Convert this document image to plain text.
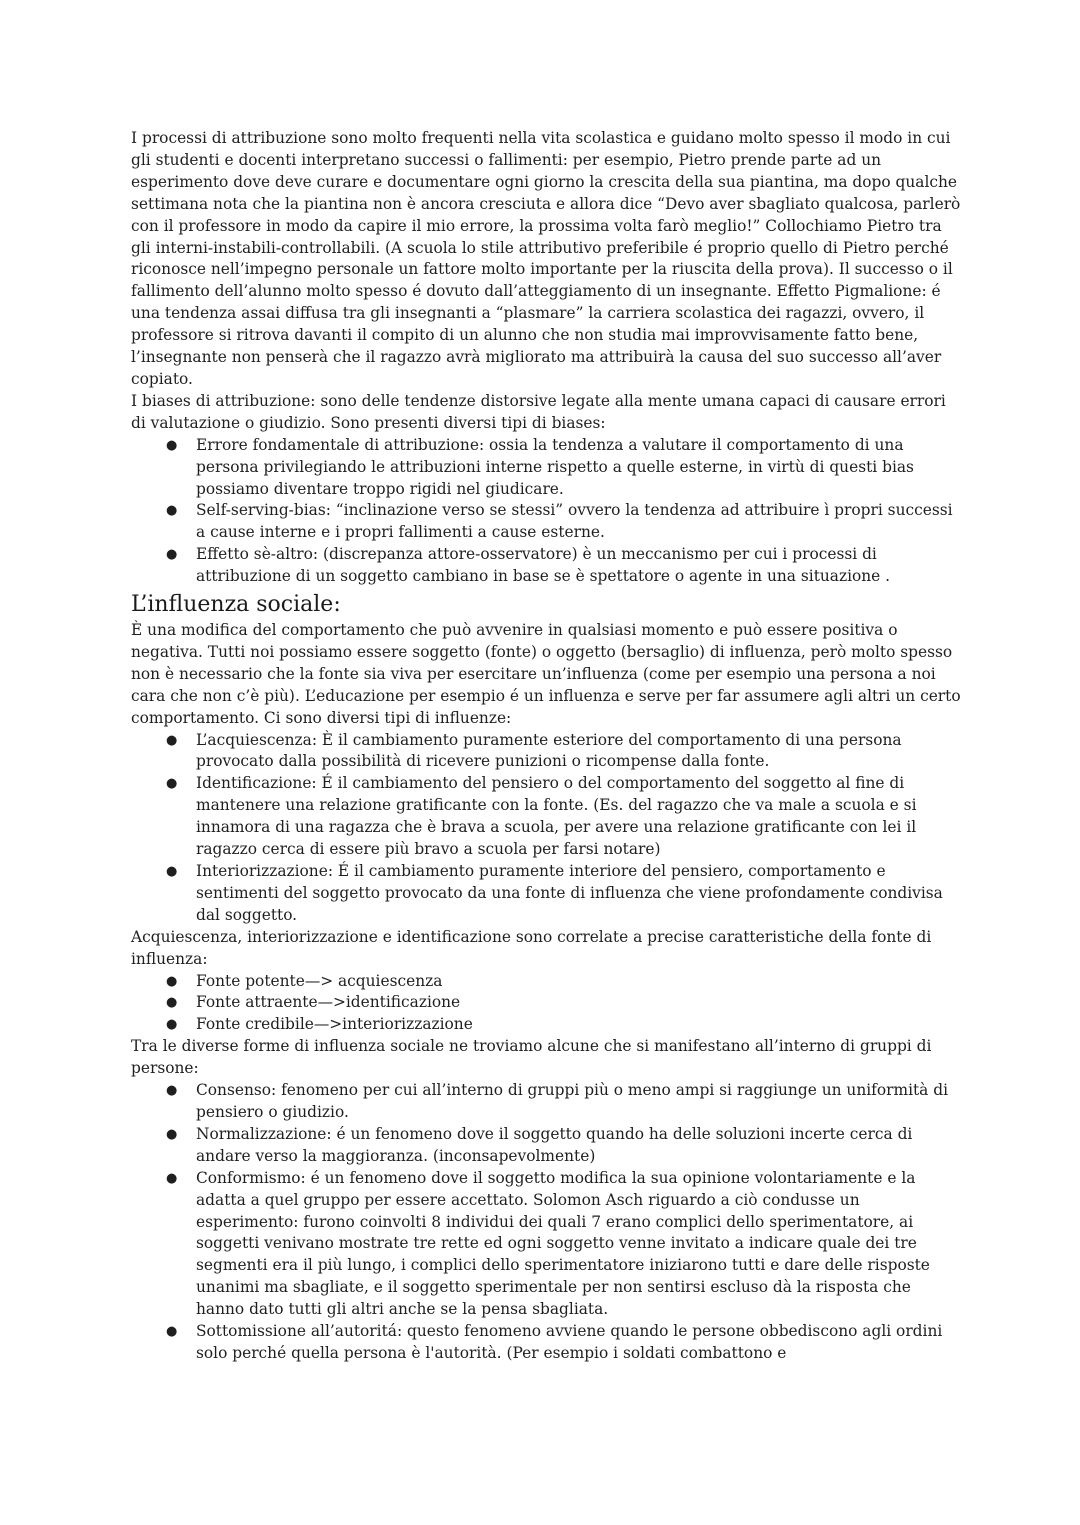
I processi di attribuzione sono molto frequenti nella vita scolastica e guidano molto spesso il modo in cui gli studenti e docenti interpretano successi o fallimenti: per esempio, Pietro prende parte ad un esperimento dove deve curare e documentare ogni giorno la crescita della sua piantina, ma dopo qualche settimana nota che la piantina non è ancora cresciuta e allora dice “Devo aver sbagliato qualcosa, parlerò con il professore in modo da capire il mio errore, la prossima volta farò meglio!” Collochiamo Pietro tra gli interni-instabili-controllabili. (A scuola lo stile attributivo preferibile é proprio quello di Pietro perché riconosce nell’impegno personale un fattore molto importante per la riuscita della prova). Il successo o il fallimento dell’alunno molto spesso é dovuto dall’atteggiamento di un insegnante. Effetto Pigmalione: é una tendenza assai diffusa tra gli insegnanti a “plasmare” la carriera scolastica dei ragazzi, ovvero, il professore si ritrova davanti il compito di un alunno che non studia mai improvvisamente fatto bene, l’insegnante non penserà che il ragazzo avrà migliorato ma attribuirà la causa del suo successo all’aver copiato.

I biases di attribuzione: sono delle tendenze distorsive legate alla mente umana capaci di causare errori di valutazione o giudizio. Sono presenti diversi tipi di biases:

● Errore fondamentale di attribuzione: ossia la tendenza a valutare il comportamento di una persona privilegiando le attribuzioni interne rispetto a quelle esterne, in virtù di questi bias possiamo diventare troppo rigidi nel giudicare.
● Self-serving-bias: “inclinazione verso se stessi” ovvero la tendenza ad attribuire ì propri successi a cause interne e i propri fallimenti a cause esterne.
● Effetto sè-altro: (discrepanza attore-osservatore) è un meccanismo per cui i processi di attribuzione di un soggetto cambiano in base se è spettatore o agente in una situazione .
L’influenza sociale:

È una modifica del comportamento che può avvenire in qualsiasi momento e può essere positiva o negativa. Tutti noi possiamo essere soggetto (fonte) o oggetto (bersaglio) di influenza, però molto spesso non è necessario che la fonte sia viva per esercitare un’influenza (come per esempio una persona a noi cara che non c’è più). L’educazione per esempio é un influenza e serve per far assumere agli altri un certo comportamento. Ci sono diversi tipi di influenze:

● L’acquiescenza: È il cambiamento puramente esteriore del comportamento di una persona provocato dalla possibilità di ricevere punizioni o ricompense dalla fonte.
● Identificazione: É il cambiamento del pensiero o del comportamento del soggetto al fine di mantenere una relazione gratificante con la fonte. (Es. del ragazzo che va male a scuola e si innamora di una ragazza che è brava a scuola, per avere una relazione gratificante con lei il ragazzo cerca di essere più bravo a scuola per farsi notare)
● Interiorizzazione: É il cambiamento puramente interiore del pensiero, comportamento e sentimenti del soggetto provocato da una fonte di influenza che viene profondamente condivisa dal soggetto.

Acquiescenza, interiorizzazione e identificazione sono correlate a precise caratteristiche della fonte di influenza:

● Fonte potente—> acquiescenza
● Fonte attraente—>identificazione
● Fonte credibile—>interiorizzazione

Tra le diverse forme di influenza sociale ne troviamo alcune che si manifestano all’interno di gruppi di persone:

● Consenso: fenomeno per cui all’interno di gruppi più o meno ampi si raggiunge un uniformità di pensiero o giudizio.
● Normalizzazione: é un fenomeno dove il soggetto quando ha delle soluzioni incerte cerca di andare verso la maggioranza. (inconsapevolmente)
● Conformismo: é un fenomeno dove il soggetto modifica la sua opinione volontariamente e la adatta a quel gruppo per essere accettato. Solomon Asch riguardo a ciò condusse un esperimento: furono coinvolti 8 individui dei quali 7 erano complici dello sperimentatore, ai soggetti venivano mostrate tre rette ed ogni soggetto venne invitato a indicare quale dei tre segmenti era il più lungo, i complici dello sperimentatore iniziarono tutti e dare delle risposte unanimi ma sbagliate, e il soggetto sperimentale per non sentirsi escluso dà la risposta che hanno dato tutti gli altri anche se la pensa sbagliata.
● Sottomissione all’autoritá: questo fenomeno avviene quando le persone obbediscono agli ordini solo perché quella persona è l'autorità. (Per esempio i soldati combattono e
